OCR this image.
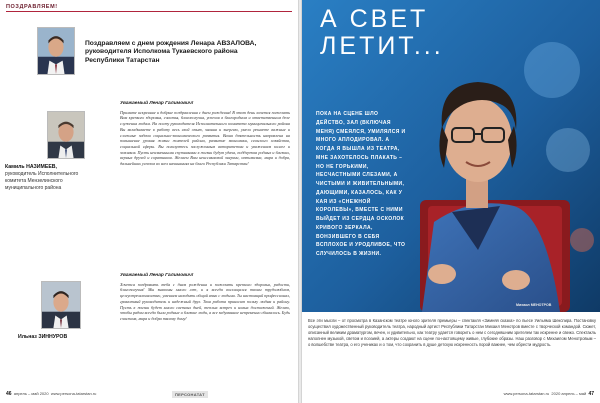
ПОЗДРАВЛЯЕМ!
Поздравляем с днем рождения Ленара АВЗАЛОВА,
руководителя Исполкома Тукаевского района
Республики Татарстан
Камиль НАЗИМЕЕВ,
руководитель Исполнительного комитета Мензелинского муниципального района
Уважаемый Ленар Галимович!
Примите искренние и добрые поздравления с днем рождения! В этот день хочется пожелать Вам крепкого здоровья, счастья, благополучия, успехов в благородном и ответственном деле служения людям. На посту руководителя Исполнительного комитета муниципального района Вы вкладываете в работу весь свой опыт, знания и энергию, умело решаете важные и сложные задачи социально-экономического развития. Ваша деятельность направлена на повышение уровня жизни жителей района, развитие экономики, сельского хозяйства, социальной сферы. Вы пользуетесь заслуженным авторитетом и уважением коллег и земляков. Пусть неизменными спутниками в жизни будут удача, поддержка родных и близких, верных друзей и соратников. Желаем Вам неиссякаемой энергии, оптимизма, мира и добра, дальнейших успехов во всех начинаниях на благо Республики Татарстан!
Ильназ ЗИННУРОВ
Уважаемый Ленар Галимович!
Хочется поздравить тебя с днем рождения и пожелать крепкого здоровья, радости, благополучия! Мы знакомы много лет, и я всегда восхищался твоим трудолюбием, целеустремленностью, умением находить общий язык с людьми. Ты настоящий профессионал, грамотный руководитель и надежный друг. Твоя работа приносит пользу людям и району. Пусть в жизни будет много светлых дней, теплых встреч и новых достижений. Желаю, чтобы рядом всегда были родные и близкие люди, а все задуманное непременно сбывалось. Будь счастлив, мира и добра твоему дому!
46 апрель – май 2020 www.persona-tatarstan.ru	ПЕРСОНАТАТ
А СВЕТ
ЛЕТИТ...
ПОКА НА СЦЕНЕ ШЛО ДЕЙСТВО, ЗАЛ (ВКЛЮЧАЯ МЕНЯ) СМЕЯЛСЯ, УМИЛЯЛСЯ И МНОГО АПЛОДИРОВАЛ. А КОГДА Я ВЫШЛА ИЗ ТЕАТРА, МНЕ ЗАХОТЕЛОСЬ ПЛАКАТЬ – НО НЕ ГОРЬКИМИ, НЕСЧАСТНЫМИ СЛЕЗАМИ, А ЧИСТЫМИ И ЖИВИТЕЛЬНЫМИ, ДАЮЩИМИ, КАЗАЛОСЬ, КАК У КАЯ ИЗ «СНЕЖНОЙ КОРОЛЕВЫ», ВМЕСТЕ С НИМИ ВЫЙДЕТ ИЗ СЕРДЦА ОСКОЛОК КРИВОГО ЗЕРКАЛА, ВОНЗИВШЕГО В СЕБЯ ВСПЛОХОЕ И УРОДЛИВОЕ, ЧТО СЛУЧИЛОСЬ В ЖИЗНИ.
Михаил МЕНОТРОВ
Все эти мысли – от просмотра в Казанском театре юного зрителя премьеры – спектакля «Зимняя сказка» по пьесе Уильяма Шекспира. Постановку осуществил художественный руководитель театра, народный артист Республики Татарстан Михаил Менотров вместе с творческой командой. Сюжет, описанный великим драматургом, вечен, и удивительно, как театру удается говорить о нем с сегодняшним зрителем так искренне и свежо. Спектакль наполнен музыкой, светом и поэзией, а актеры создают на сцене по-настоящему живые, глубокие образы. Наш разговор с Михаилом Менотровым – о волшебстве театра, о его учениках и о том, что сохранить в душе детскую искренность порой важнее, чем обрести мудрость.
www.persona-tatarstan.ru 2020 апрель – май 47
